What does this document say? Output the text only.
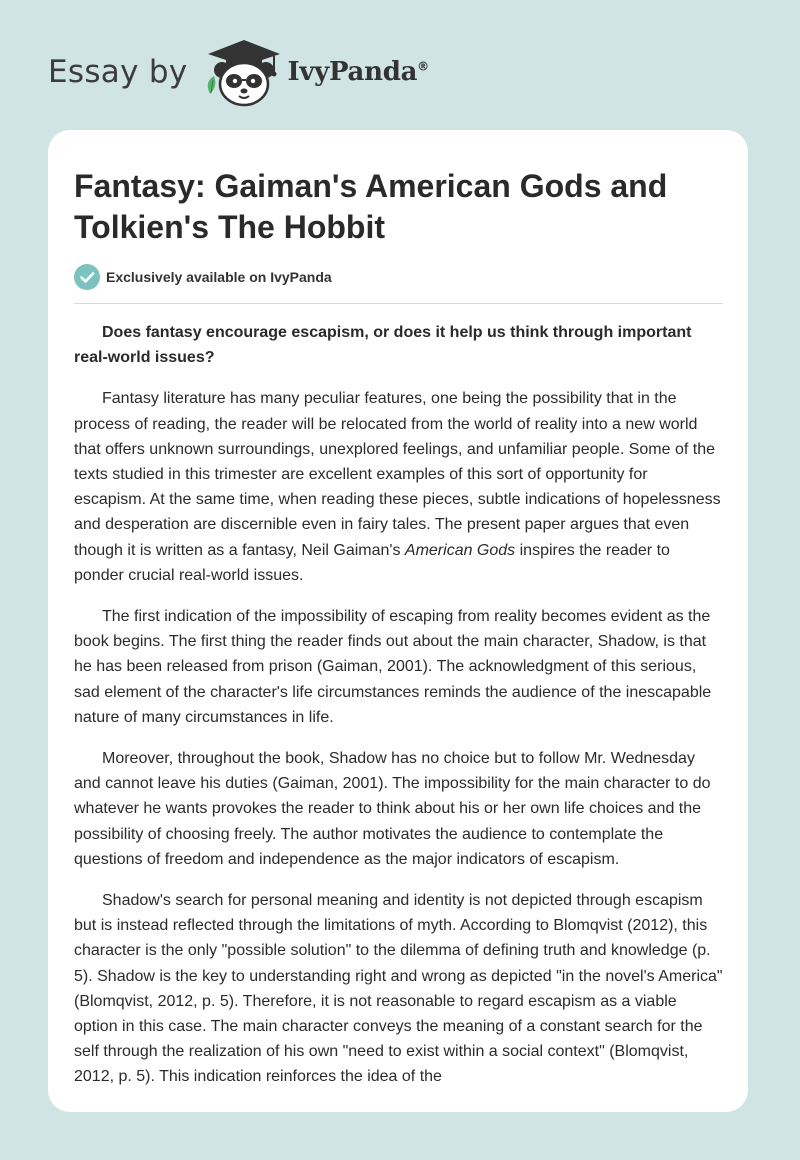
Essay by	IvyPanda®
Fantasy: Gaiman's American Gods and Tolkien's The Hobbit
Exclusively available on IvyPanda

Does fantasy encourage escapism, or does it help us think through important real-world issues?

Fantasy literature has many peculiar features, one being the possibility that in the process of reading, the reader will be relocated from the world of reality into a new world that offers unknown surroundings, unexplored feelings, and unfamiliar people. Some of the texts studied in this trimester are excellent examples of this sort of opportunity for escapism. At the same time, when reading these pieces, subtle indications of hopelessness and desperation are discernible even in fairy tales. The present paper argues that even though it is written as a fantasy, Neil Gaiman's American Gods inspires the reader to ponder crucial real-world issues.

The first indication of the impossibility of escaping from reality becomes evident as the book begins. The first thing the reader finds out about the main character, Shadow, is that he has been released from prison (Gaiman, 2001). The acknowledgment of this serious, sad element of the character's life circumstances reminds the audience of the inescapable nature of many circumstances in life.

Moreover, throughout the book, Shadow has no choice but to follow Mr. Wednesday and cannot leave his duties (Gaiman, 2001). The impossibility for the main character to do whatever he wants provokes the reader to think about his or her own life choices and the possibility of choosing freely. The author motivates the audience to contemplate the questions of freedom and independence as the major indicators of escapism.

Shadow's search for personal meaning and identity is not depicted through escapism but is instead reflected through the limitations of myth. According to Blomqvist (2012), this character is the only "possible solution" to the dilemma of defining truth and knowledge (p. 5). Shadow is the key to understanding right and wrong as depicted "in the novel's America" (Blomqvist, 2012, p. 5). Therefore, it is not reasonable to regard escapism as a viable option in this case. The main character conveys the meaning of a constant search for the self through the realization of his own "need to exist within a social context" (Blomqvist, 2012, p. 5). This indication reinforces the idea of the
